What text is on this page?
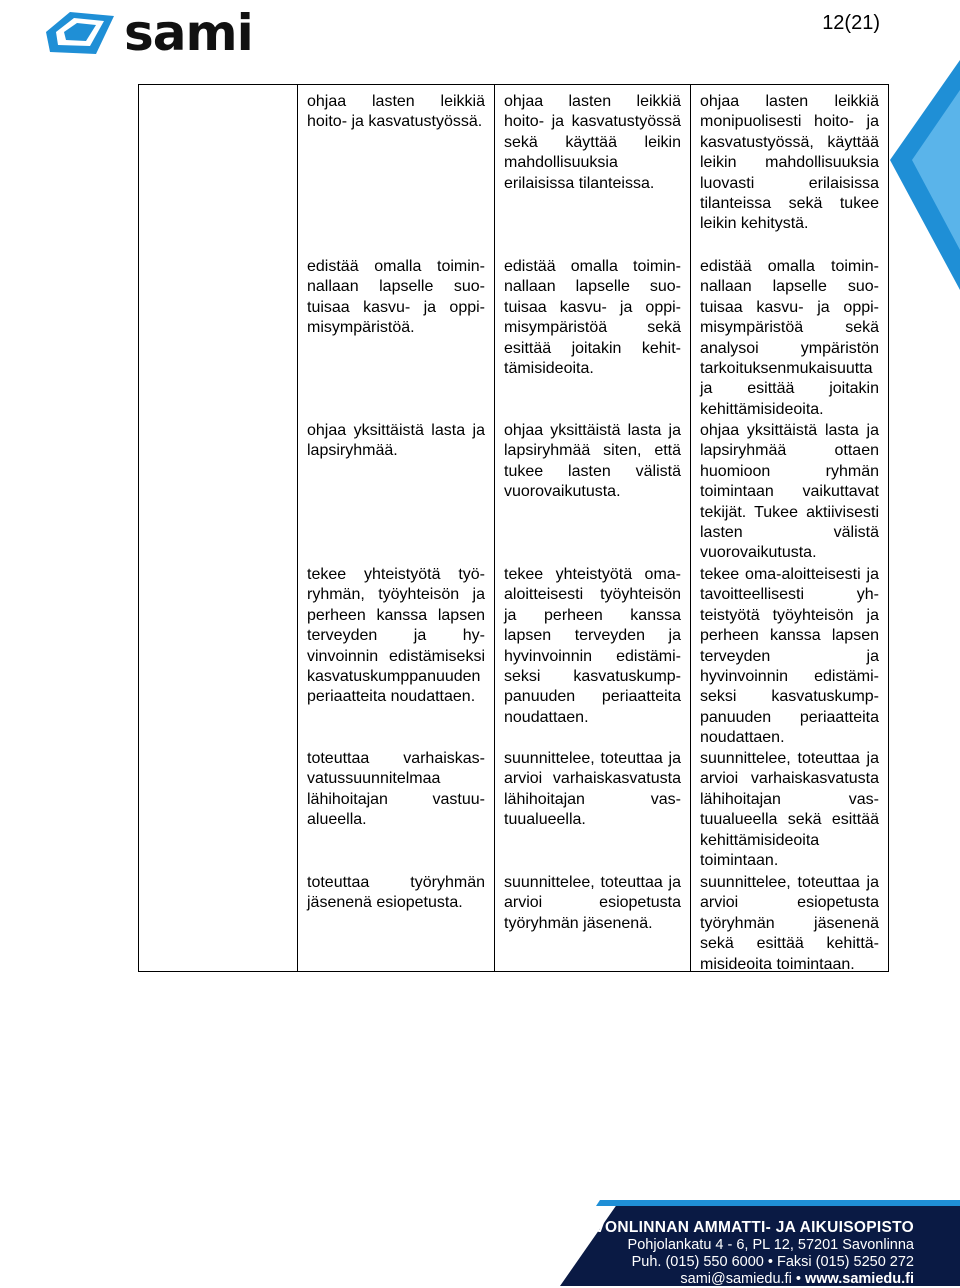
sami	12(21)
ohjaa lasten leikkiä hoito- ja kasvatustyössä.
edistää omalla toiminnallaan lapselle suotuisaa kasvu- ja oppimisympäristöä.
ohjaa yksittäistä lasta ja lapsiryhmää.
tekee yhteistyötä työryhmän, työyhteisön ja perheen kanssa lapsen terveyden ja hyvinvoinnin edistämiseksi kasvatuskumppanuuden periaatteita noudattaen.
toteuttaa varhaiskasvatussuunnitelmaa lähihoitajan vastuualueella.
toteuttaa työryhmän jäsenenä esiopetusta.
ohjaa lasten leikkiä hoito- ja kasvatustyössä sekä käyttää leikin mahdollisuuksia erilaisissa tilanteissa.
edistää omalla toiminnallaan lapselle suotuisaa kasvu- ja oppimisympäristöä sekä esittää joitakin kehittämisideoita.
ohjaa yksittäistä lasta ja lapsiryhmää siten, että tukee lasten välistä vuorovaikutusta.
tekee yhteistyötä oma-aloitteisesti työyhteisön ja perheen kanssa lapsen terveyden ja hyvinvoinnin edistämiseksi kasvatuskumppanuuden periaatteita noudattaen.
suunnittelee, toteuttaa ja arvioi varhaiskasvatusta lähihoitajan vastuualueella.
suunnittelee, toteuttaa ja arvioi esiopetusta työryhmän jäsenenä.
ohjaa lasten leikkiä monipuolisesti hoito- ja kasvatustyössä, käyttää leikin mahdollisuuksia luovasti erilaisissa tilanteissa sekä tukee leikin kehitystä.
edistää omalla toiminnallaan lapselle suotuisaa kasvu- ja oppimisympäristöä sekä analysoi ympäristön tarkoituksenmukaisuutta ja esittää joitakin kehittämisideoita.
ohjaa yksittäistä lasta ja lapsiryhmää ottaen huomioon ryhmän toimintaan vaikuttavat tekijät. Tukee aktiivisesti lasten välistä vuorovaikutusta.
tekee oma-aloitteisesti ja tavoitteellisesti yhteistyötä työyhteisön ja perheen kanssa lapsen terveyden ja hyvinvoinnin edistämiseksi kasvatuskumppanuuden periaatteita noudattaen.
suunnittelee, toteuttaa ja arvioi varhaiskasvatusta lähihoitajan vastuualueella sekä esittää kehittämisideoita toimintaan.
suunnittelee, toteuttaa ja arvioi esiopetusta työryhmän jäsenenä sekä esittää kehittämisideoita toimintaan.
SAVONLINNAN AMMATTI- JA AIKUISOPISTO
Pohjolankatu 4 - 6, PL 12, 57201 Savonlinna
Puh. (015) 550 6000 • Faksi (015) 5250 272
sami@samiedu.fi • www.samiedu.fi
